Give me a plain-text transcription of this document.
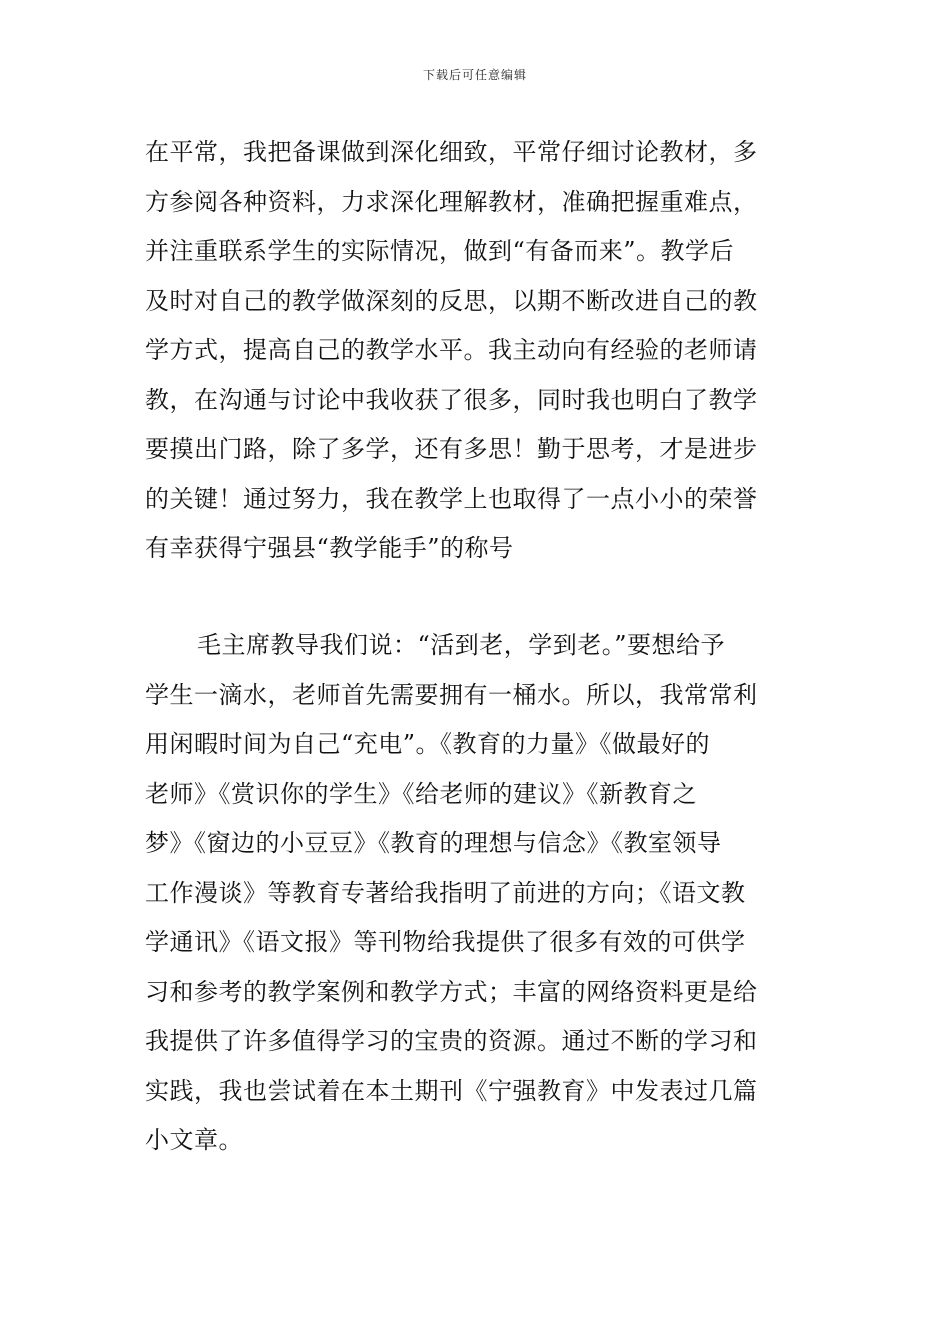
下载后可任意编辑
在平常，我把备课做到深化细致，平常仔细讨论教材，多
方参阅各种资料，力求深化理解教材，准确把握重难点，
并注重联系学生的实际情况，做到“有备而来”。教学后
及时对自己的教学做深刻的反思，以期不断改进自己的教
学方式，提高自己的教学水平。我主动向有经验的老师请
教，在沟通与讨论中我收获了很多，同时我也明白了教学
要摸出门路，除了多学，还有多思！勤于思考，才是进步
的关键！通过努力，我在教学上也取得了一点小小的荣誉
有幸获得宁强县“教学能手”的称号
毛主席教导我们说：“活到老，学到老。”要想给予
学生一滴水，老师首先需要拥有一桶水。所以，我常常利
用闲暇时间为自己“充电”。《教育的力量》《做最好的
老师》《赏识你的学生》《给老师的建议》《新教育之
梦》《窗边的小豆豆》《教育的理想与信念》《教室领导
工作漫谈》等教育专著给我指明了前进的方向；《语文教
学通讯》《语文报》等刊物给我提供了很多有效的可供学
习和参考的教学案例和教学方式；丰富的网络资料更是给
我提供了许多值得学习的宝贵的资源。通过不断的学习和
实践，我也尝试着在本土期刊《宁强教育》中发表过几篇
小文章。
